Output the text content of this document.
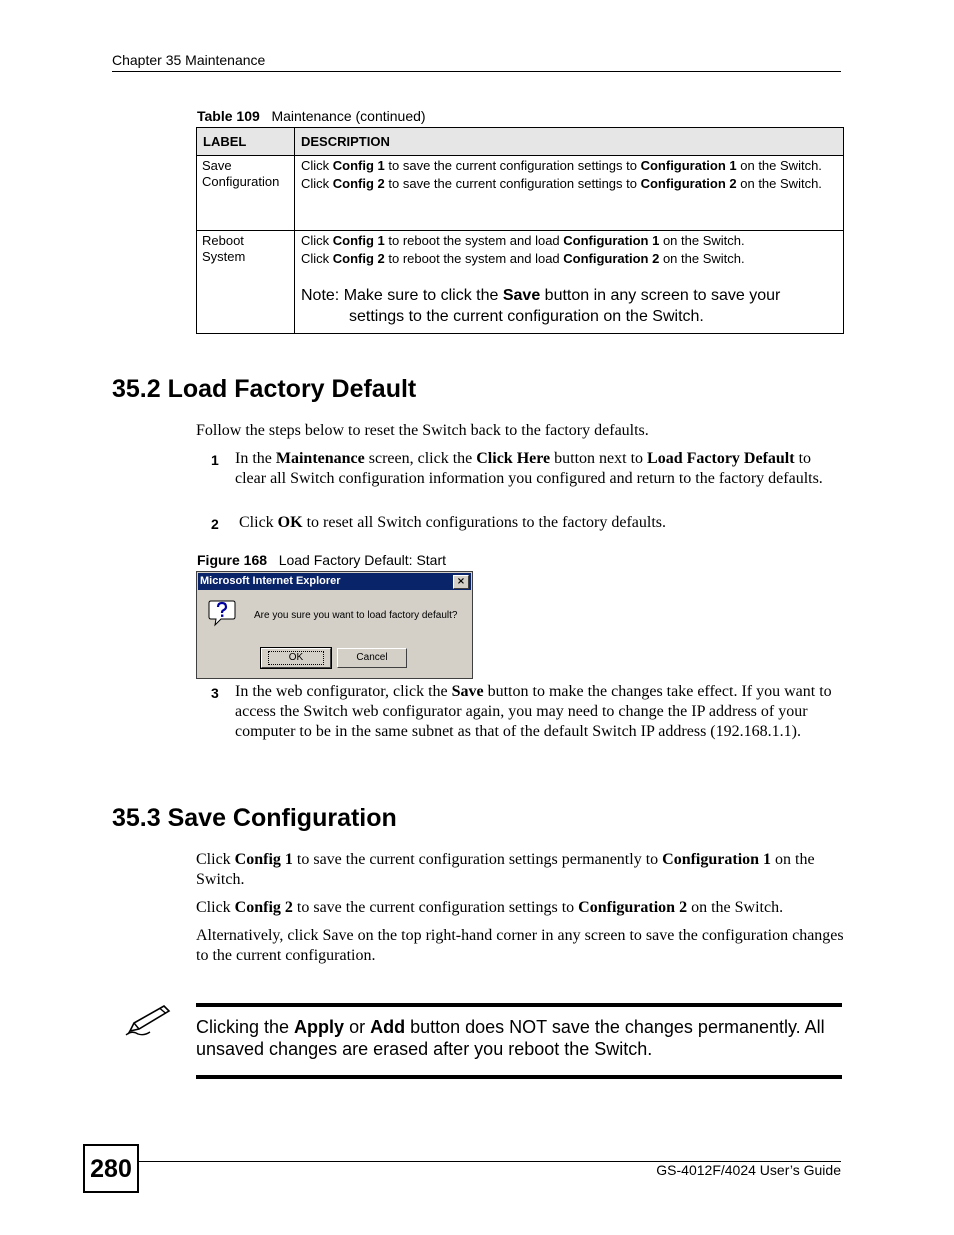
Chapter 35 Maintenance
Table 109 Maintenance (continued)
LABEL	DESCRIPTION
Save Configuration	Click Config 1 to save the current configuration settings to Configuration 1 on the Switch.

Click Config 2 to save the current configuration settings to Configuration 2 on the Switch.

Reboot System	Click Config 1 to reboot the system and load Configuration 1 on the Switch.

Click Config 2 to reboot the system and load Configuration 2 on the Switch.

Note: Make sure to click the Save button in any screen to save your settings to the current configuration on the Switch.

35.2 Load Factory Default
Follow the steps below to reset the Switch back to the factory defaults.
1 In the Maintenance screen, click the Click Here button next to Load Factory Default to clear all Switch configuration information you configured and return to the factory defaults.
2 Click OK to reset all Switch configurations to the factory defaults.
Figure 168 Load Factory Default: Start
Microsoft Internet Explorer	×
Are you sure you want to load factory default?
OK	Cancel
3 In the web configurator, click the Save button to make the changes take effect. If you want to access the Switch web configurator again, you may need to change the IP address of your computer to be in the same subnet as that of the default Switch IP address (192.168.1.1).
35.3 Save Configuration
Click Config 1 to save the current configuration settings permanently to Configuration 1 on the Switch.
Click Config 2 to save the current configuration settings to Configuration 2 on the Switch.
Alternatively, click Save on the top right-hand corner in any screen to save the configuration changes to the current configuration.
Clicking the Apply or Add button does NOT save the changes permanently. All unsaved changes are erased after you reboot the Switch.
280	GS-4012F/4024 User’s Guide
